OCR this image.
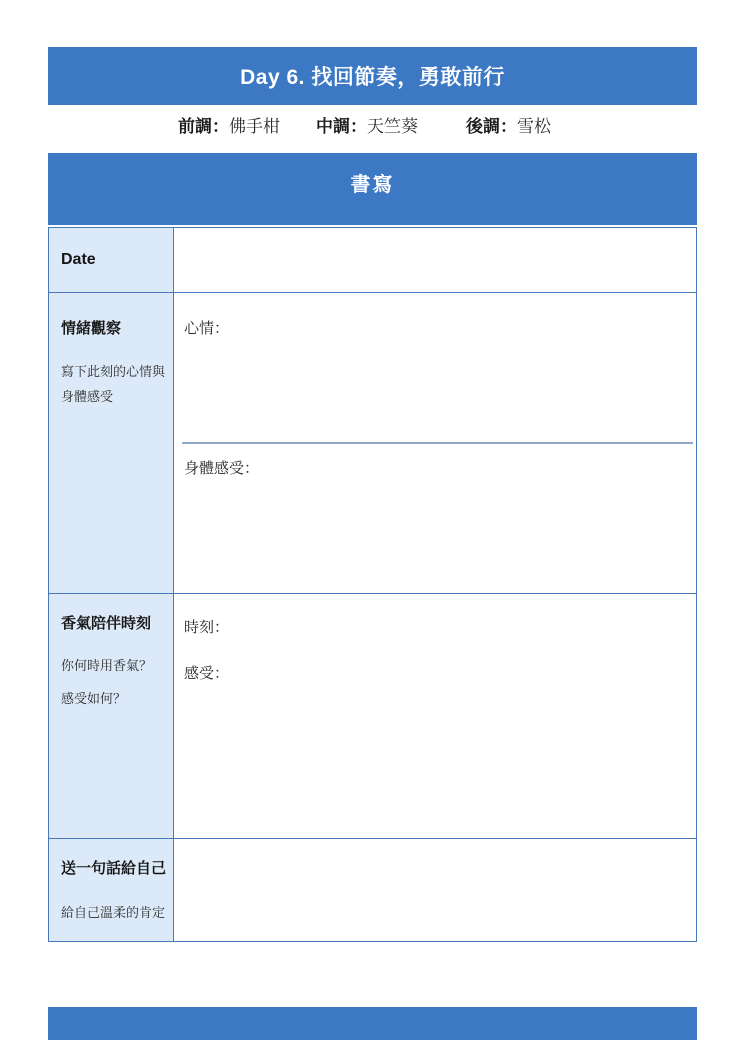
Day 6. 找回節奏，勇敢前行
前調：佛手柑 中調：天竺葵	後調：雪松
書寫
Date
情緒觀察
寫下此刻的心情與身體感受
心情：
身體感受：
香氣陪伴時刻
你何時用香氣？
感受如何？
時刻：
感受：
送一句話給自己
給自己溫柔的肯定
